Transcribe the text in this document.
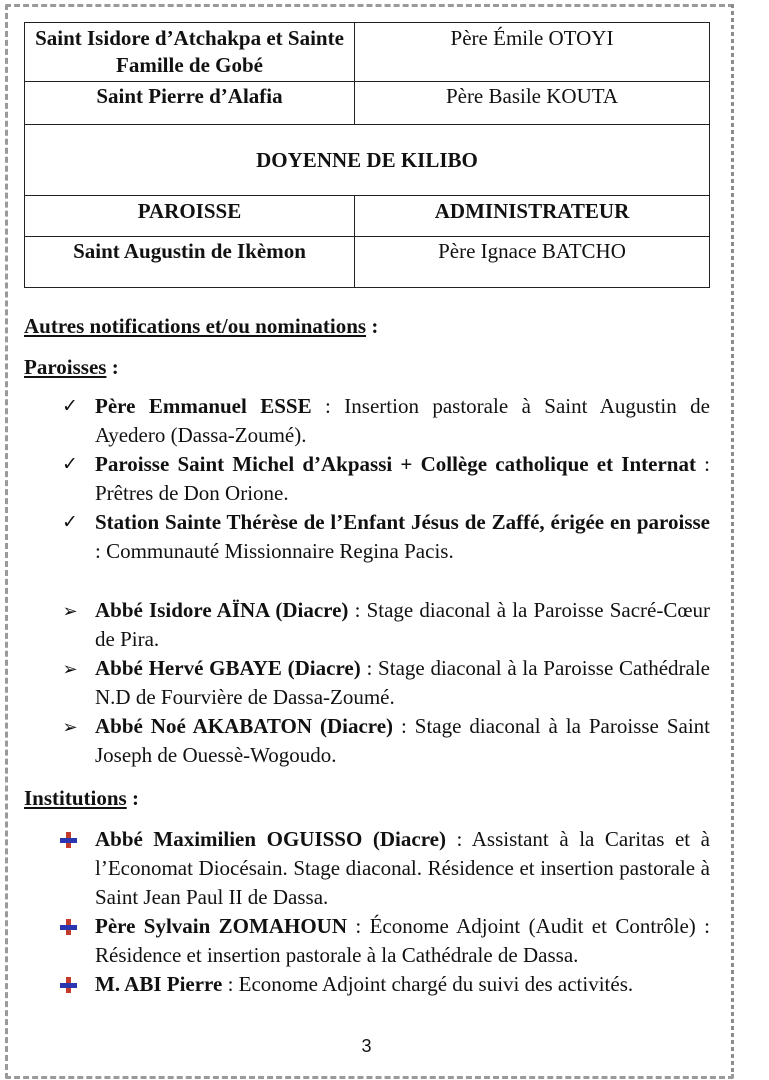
Saint Isidore d’Atchakpa et Sainte Famille de Gobé	Père Émile OTOYI
Saint Pierre d’Alafia	Père Basile KOUTA
DOYENNE DE KILIBO	
PAROISSE	ADMINISTRATEUR
Saint Augustin de Ikèmon	Père Ignace BATCHO

Autres notifications et/ou nominations :

Paroisses :

✓ Père Emmanuel ESSE : Insertion pastorale à Saint Augustin de Ayedero (Dassa-Zoumé).
✓ Paroisse Saint Michel d’Akpassi + Collège catholique et Internat : Prêtres de Don Orione.
✓ Station Sainte Thérèse de l’Enfant Jésus de Zaffé, érigée en paroisse : Communauté Missionnaire Regina Pacis.
➢ Abbé Isidore AÏNA (Diacre) : Stage diaconal à la Paroisse Sacré-Cœur de Pira.
➢ Abbé Hervé GBAYE (Diacre) : Stage diaconal à la Paroisse Cathédrale N.D de Fourvière de Dassa-Zoumé.
➢ Abbé Noé AKABATON (Diacre) : Stage diaconal à la Paroisse Saint Joseph de Ouessè-Wogoudo.

Institutions :

Abbé Maximilien OGUISSO (Diacre) : Assistant à la Caritas et à l’Economat Diocésain. Stage diaconal. Résidence et insertion pastorale à Saint Jean Paul II de Dassa.
Père Sylvain ZOMAHOUN : Économe Adjoint (Audit et Contrôle) : Résidence et insertion pastorale à la Cathédrale de Dassa.
M. ABI Pierre : Econome Adjoint chargé du suivi des activités.
3
